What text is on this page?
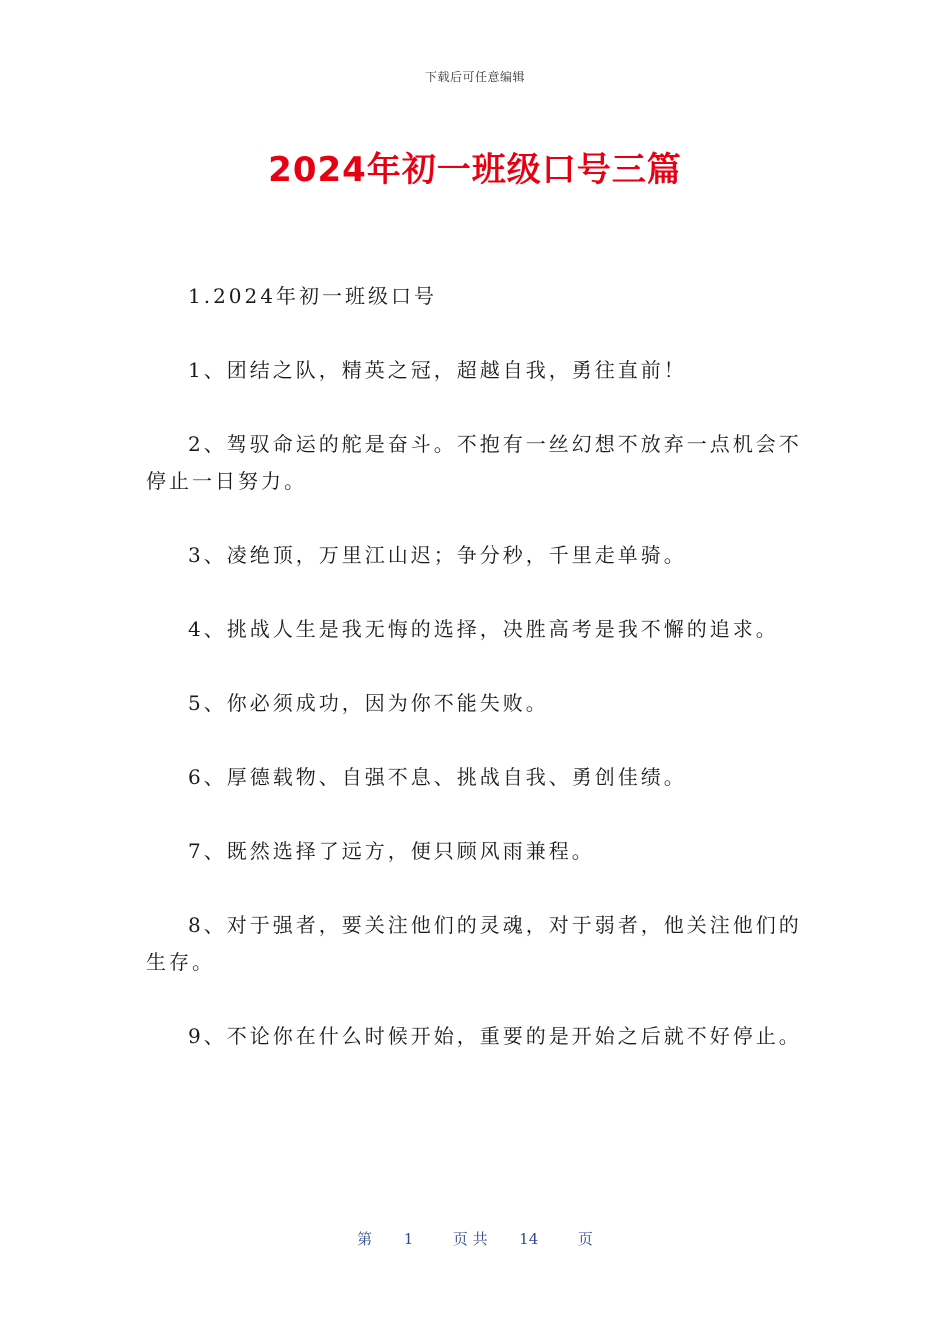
下载后可任意编辑
2024年初一班级口号三篇

1.2024年初一班级口号

1、团结之队，精英之冠，超越自我，勇往直前！

2、驾驭命运的舵是奋斗。不抱有一丝幻想不放弃一点机会不停止一日努力。

3、凌绝顶，万里江山迟；争分秒，千里走单骑。

4、挑战人生是我无悔的选择，决胜高考是我不懈的追求。

5、你必须成功，因为你不能失败。

6、厚德载物、自强不息、挑战自我、勇创佳绩。

7、既然选择了远方，便只顾风雨兼程。

8、对于强者，要关注他们的灵魂，对于弱者，他关注他们的生存。

9、不论你在什么时候开始，重要的是开始之后就不好停止。

第 1	页 共 14	页
